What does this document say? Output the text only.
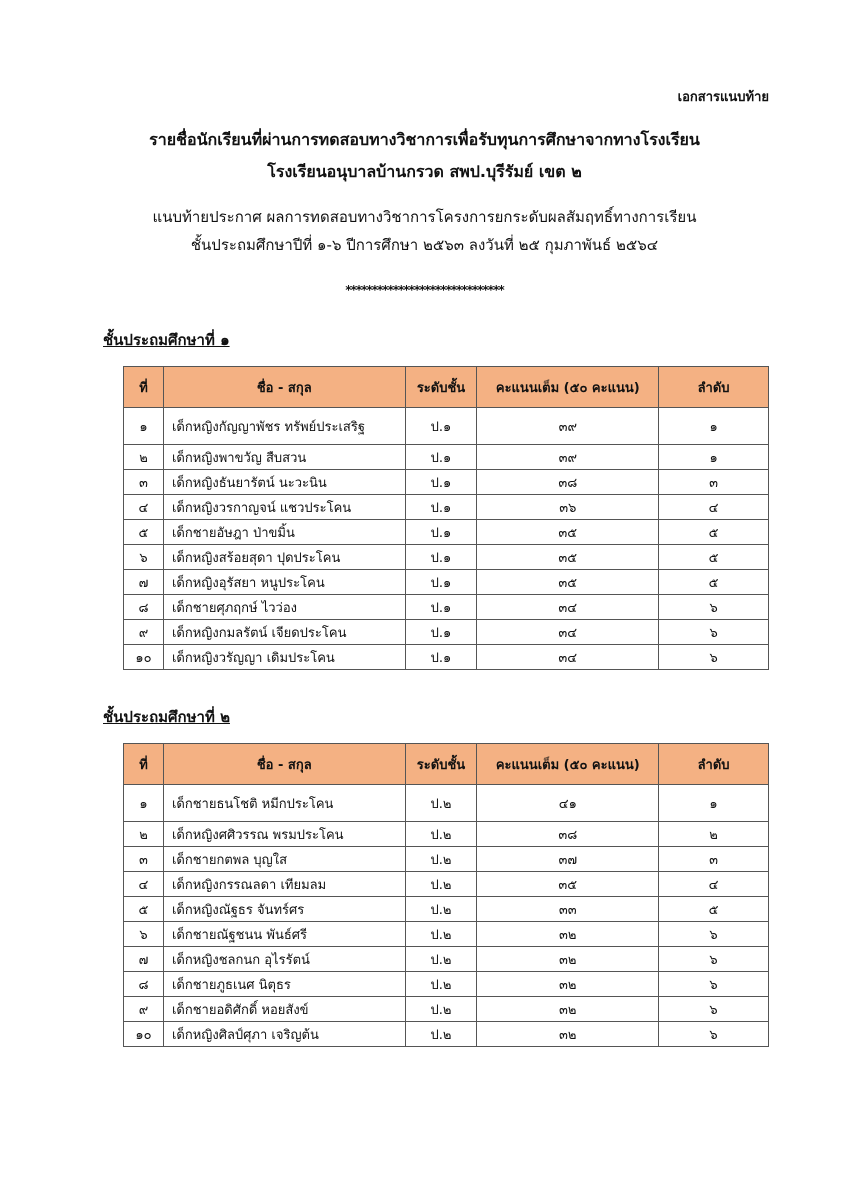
เอกสารแนบท้าย
รายชื่อนักเรียนที่ผ่านการทดสอบทางวิชาการเพื่อรับทุนการศึกษาจากทางโรงเรียน
โรงเรียนอนุบาลบ้านกรวด สพป.บุรีรัมย์ เขต ๒
แนบท้ายประกาศ ผลการทดสอบทางวิชาการโครงการยกระดับผลสัมฤทธิ์ทางการเรียน
ชั้นประถมศึกษาปีที่ ๑-๖ ปีการศึกษา ๒๕๖๓ ลงวันที่ ๒๕ กุมภาพันธ์ ๒๕๖๔
******************************
ชั้นประถมศึกษาที่ ๑
ที่	ชื่อ - สกุล	ระดับชั้น	คะแนนเต็ม (๕๐ คะแนน)	ลำดับ
๑	เด็กหญิงกัญญาพัชร ทรัพย์ประเสริฐ	ป.๑	๓๙	๑
๒	เด็กหญิงพาขวัญ สืบสวน	ป.๑	๓๙	๑
๓	เด็กหญิงธันยารัตน์ นะวะนิน	ป.๑	๓๘	๓
๔	เด็กหญิงวรกาญจน์ แชวประโคน	ป.๑	๓๖	๔
๕	เด็กชายอัษฎา ป่าขมิ้น	ป.๑	๓๕	๕
๖	เด็กหญิงสร้อยสุดา ปุดประโคน	ป.๑	๓๕	๕
๗	เด็กหญิงอุรัสยา หนูประโคน	ป.๑	๓๕	๕
๘	เด็กชายศุภฤกษ์ ไวว่อง	ป.๑	๓๔	๖
๙	เด็กหญิงกมลรัตน์ เจียดประโคน	ป.๑	๓๔	๖
๑๐	เด็กหญิงวรัญญา เดิมประโคน	ป.๑	๓๔	๖
ชั้นประถมศึกษาที่ ๒
ที่	ชื่อ - สกุล	ระดับชั้น	คะแนนเต็ม (๕๐ คะแนน)	ลำดับ
๑	เด็กชายธนโชติ หมีกประโคน	ป.๒	๔๑	๑
๒	เด็กหญิงศศิวรรณ พรมประโคน	ป.๒	๓๘	๒
๓	เด็กชายกตพล บุญใส	ป.๒	๓๗	๓
๔	เด็กหญิงกรรณลดา เทียมลม	ป.๒	๓๕	๔
๕	เด็กหญิงณัฐธร จันทร์ศร	ป.๒	๓๓	๕
๖	เด็กชายณัฐชนน พันธ์ศรี	ป.๒	๓๒	๖
๗	เด็กหญิงชลกนก อุไรรัตน์	ป.๒	๓๒	๖
๘	เด็กชายภูธเนศ นิตุธร	ป.๒	๓๒	๖
๙	เด็กชายอดิศักดิ์ หอยสังข์	ป.๒	๓๒	๖
๑๐	เด็กหญิงศิลป์ศุภา เจริญต้น	ป.๒	๓๒	๖
